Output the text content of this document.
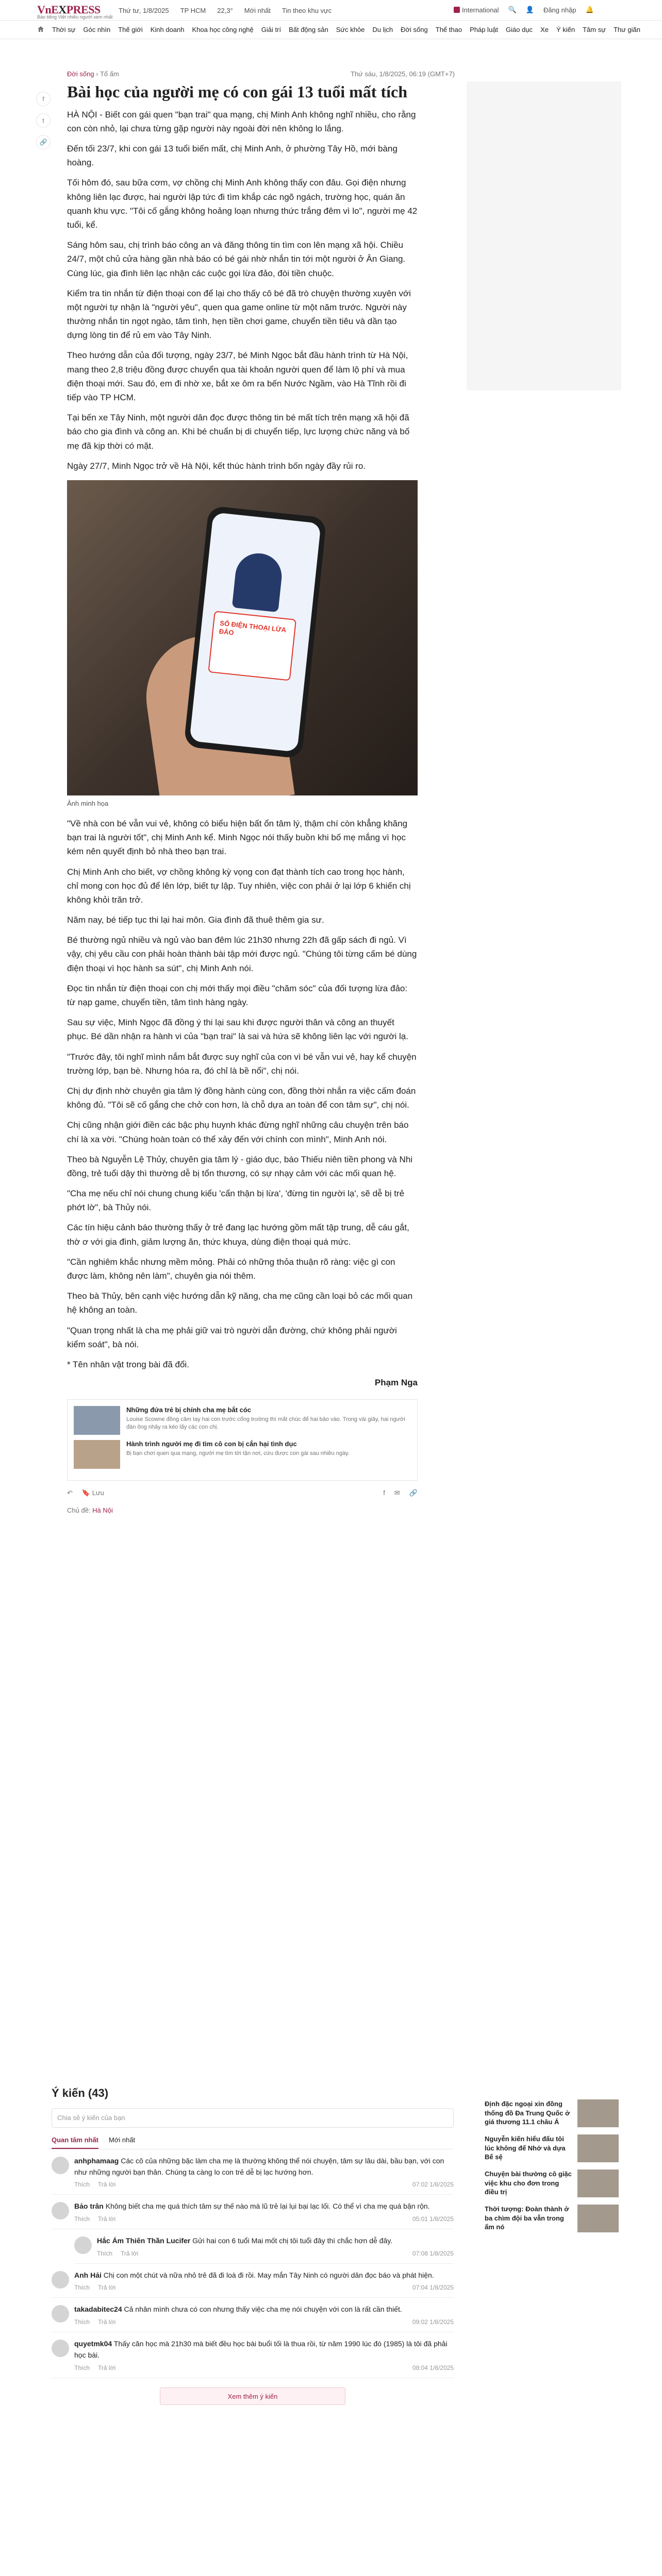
VnEXPRESS
Báo tiếng Việt nhiều người xem nhất
Thứ tư, 1/8/2025 TP HCM 22,3° Mới nhất Tin theo khu vực	International 🔍 👤 Đăng nhập 🔔
Thời sự Góc nhìn Thế giới Kinh doanh Khoa học công nghệ Giải trí Bất động sản Sức khỏe Du lịch Đời sống Thể thao Pháp luật Giáo dục Xe Ý kiến Tâm sự Thư giãn
f
t
🔗
Đời sống › Tổ ấm	Thứ sáu, 1/8/2025, 06:19 (GMT+7)
Bài học của người mẹ có con gái 13 tuổi mất tích

HÀ NỘI - Biết con gái quen "bạn trai" qua mạng, chị Minh Anh không nghĩ nhiều, cho rằng con còn nhỏ, lại chưa từng gặp người này ngoài đời nên không lo lắng.

Đến tối 23/7, khi con gái 13 tuổi biến mất, chị Minh Anh, ở phường Tây Hồ, mới bàng hoàng.

Tối hôm đó, sau bữa cơm, vợ chồng chị Minh Anh không thấy con đâu. Gọi điện nhưng không liên lạc được, hai người lập tức đi tìm khắp các ngõ ngách, trường học, quán ăn quanh khu vực. "Tôi cố gắng không hoảng loạn nhưng thức trắng đêm vì lo", người mẹ 42 tuổi, kể.

Sáng hôm sau, chị trình báo công an và đăng thông tin tìm con lên mạng xã hội. Chiều 24/7, một chủ cửa hàng gần nhà báo có bé gái nhờ nhắn tin tới một người ở Ân Giang. Cùng lúc, gia đình liên lạc nhận các cuộc gọi lừa đảo, đòi tiền chuộc.

Kiểm tra tin nhắn từ điện thoại con để lại cho thấy cô bé đã trò chuyện thường xuyên với một người tự nhận là "người yêu", quen qua game online từ một năm trước. Người này thường nhắn tin ngọt ngào, tâm tình, hẹn tiền chơi game, chuyển tiền tiêu và dần tạo dựng lòng tin để rủ em vào Tây Ninh.

Theo hướng dẫn của đối tượng, ngày 23/7, bé Minh Ngọc bắt đầu hành trình từ Hà Nội, mang theo 2,8 triệu đồng được chuyển qua tài khoản người quen để làm lộ phí và mua điện thoại mới. Sau đó, em đi nhờ xe, bắt xe ôm ra bến Nước Ngầm, vào Hà Tĩnh rồi đi tiếp vào TP HCM.

Tại bến xe Tây Ninh, một người dân đọc được thông tin bé mất tích trên mạng xã hội đã báo cho gia đình và công an. Khi bé chuẩn bị di chuyển tiếp, lực lượng chức năng và bố mẹ đã kịp thời có mặt.

Ngày 27/7, Minh Ngọc trở về Hà Nội, kết thúc hành trình bốn ngày đầy rủi ro.

SỐ ĐIỆN THOẠI LỪA ĐẢO
Ảnh minh họa

"Về nhà con bé vẫn vui vẻ, không có biểu hiện bất ổn tâm lý, thậm chí còn khẳng khăng bạn trai là người tốt", chị Minh Anh kể. Minh Ngọc nói thấy buồn khi bố mẹ mắng vì học kém nên quyết định bỏ nhà theo bạn trai.

Chị Minh Anh cho biết, vợ chồng không kỳ vọng con đạt thành tích cao trong học hành, chỉ mong con học đủ để lên lớp, biết tự lập. Tuy nhiên, việc con phải ở lại lớp 6 khiến chị không khỏi trăn trở.

Năm nay, bé tiếp tục thi lại hai môn. Gia đình đã thuê thêm gia sư.

Bé thường ngủ nhiều và ngủ vào ban đêm lúc 21h30 nhưng 22h đã gấp sách đi ngủ. Vì vậy, chị yêu cầu con phải hoàn thành bài tập mới được ngủ. "Chúng tôi từng cấm bé dùng điện thoại vì học hành sa sút", chị Minh Anh nói.

Đọc tin nhắn từ điện thoại con chị mới thấy mọi điều "chăm sóc" của đối tượng lừa đảo: từ nạp game, chuyển tiền, tâm tình hàng ngày.

Sau sự việc, Minh Ngọc đã đồng ý thi lại sau khi được người thân và công an thuyết phục. Bé dần nhận ra hành vi của "bạn trai" là sai và hứa sẽ không liên lạc với người lạ.

"Trước đây, tôi nghĩ mình nắm bắt được suy nghĩ của con vì bé vẫn vui vẻ, hay kể chuyện trường lớp, bạn bè. Nhưng hóa ra, đó chỉ là bề nổi", chị nói.

Chị dự định nhờ chuyên gia tâm lý đồng hành cùng con, đồng thời nhắn ra việc cấm đoán không đủ. "Tôi sẽ cố gắng che chở con hơn, là chỗ dựa an toàn để con tâm sự", chị nói.

Chị cũng nhận giới điền các bậc phụ huynh khác đừng nghĩ những câu chuyện trên báo chí là xa vời. "Chúng hoàn toàn có thể xảy đến với chính con mình", Minh Anh nói.

Theo bà Nguyễn Lệ Thủy, chuyên gia tâm lý - giáo dục, báo Thiếu niên tiền phong và Nhi đồng, trẻ tuổi dậy thì thường dễ bị tổn thương, có sự nhạy cảm với các mối quan hệ.

"Cha mẹ nếu chỉ nói chung chung kiểu 'cẩn thận bị lừa', 'đừng tin người lạ', sẽ dễ bị trẻ phớt lờ", bà Thủy nói.

Các tín hiệu cảnh báo thường thấy ở trẻ đang lạc hướng gồm mất tập trung, dễ cáu gắt, thờ ơ với gia đình, giảm lượng ăn, thức khuya, dùng điện thoại quá mức.

"Cần nghiêm khắc nhưng mềm mỏng. Phải có những thỏa thuận rõ ràng: việc gì con được làm, không nên làm", chuyên gia nói thêm.

Theo bà Thủy, bên cạnh việc hướng dẫn kỹ năng, cha mẹ cũng cần loại bỏ các mối quan hệ không an toàn.

"Quan trọng nhất là cha mẹ phải giữ vai trò người dẫn đường, chứ không phải người kiểm soát", bà nói.

* Tên nhân vật trong bài đã đổi.

Phạm Nga
Những đứa trẻ bị chính cha mẹ bắt cóc
Louise Scowne đồng cảm tay hai con trước cổng trường thì mất chúc để hai bảo vào. Trong vài giây, hai người đàn ông nhảy ra kéo lấy các con chị.
Hành trình người mẹ đi tìm cô con bị cắn hại tình dục
Bị bạn chơi quen qua mạng, người mẹ tìm tới tận nơi, cứu được con gái sau nhiều ngày.
↶ 🔖 Lưu	f ✉ 🔗
Chủ đề: Hà Nội
Ý kiến (43)
Chia sẻ ý kiến của bạn
Quan tâm nhất Mới nhất
anhphamaag Các cô của những bậc làm cha mẹ là thường không thể nói chuyện, tâm sự lâu dài, bầu bạn, với con như những người bạn thân. Chúng ta càng lo con trẻ dễ bị lạc hướng hơn.
Thích Trả lời	07:02 1/8/2025
Bảo trân Không biết cha mẹ quá thích tâm sự thế nào mà lũ trẻ lại lụi bại lạc lối. Có thể vì cha mẹ quá bận rộn.
Thích Trả lời	05:01 1/8/2025
Hắc Ám Thiên Thần Lucifer Gửi hai con 6 tuổi Mai mốt chị tôi tuổi đây thì chắc hơn dễ đây.
Thích Trả lời	07:08 1/8/2025
Anh Hải Chị con một chút và nữa nhỏ trẻ đã đi loà đi rồi. May mắn Tây Ninh có người dân đọc báo và phát hiện.
Thích Trả lời	07:04 1/8/2025
takadabitec24 Cả nhân mình chưa có con nhưng thấy việc cha mẹ nói chuyện với con là rất cần thiết.
Thích Trả lời	09:02 1/8/2025
quyetmk04 Thấy căn học mà 21h30 mà biết đều học bài buổi tối là thua rồi, từ năm 1990 lúc đó (1985) là tôi đã phải học bài.
Thích Trả lời	08:04 1/8/2025
Xem thêm ý kiến
Định đặc ngoại xin đồng thống đồ Đa Trung Quốc ở giá thương 11.1 châu Á
Nguyễn kiến hiểu đấu tôi lúc không để Nhớ và dựa Bế sệ
Chuyện bài thường cô giặc việc khu cho đơn trong điều trị
Thời tượng: Đoàn thành ở ba chìm đội ba vẫn trong ẩm nó
